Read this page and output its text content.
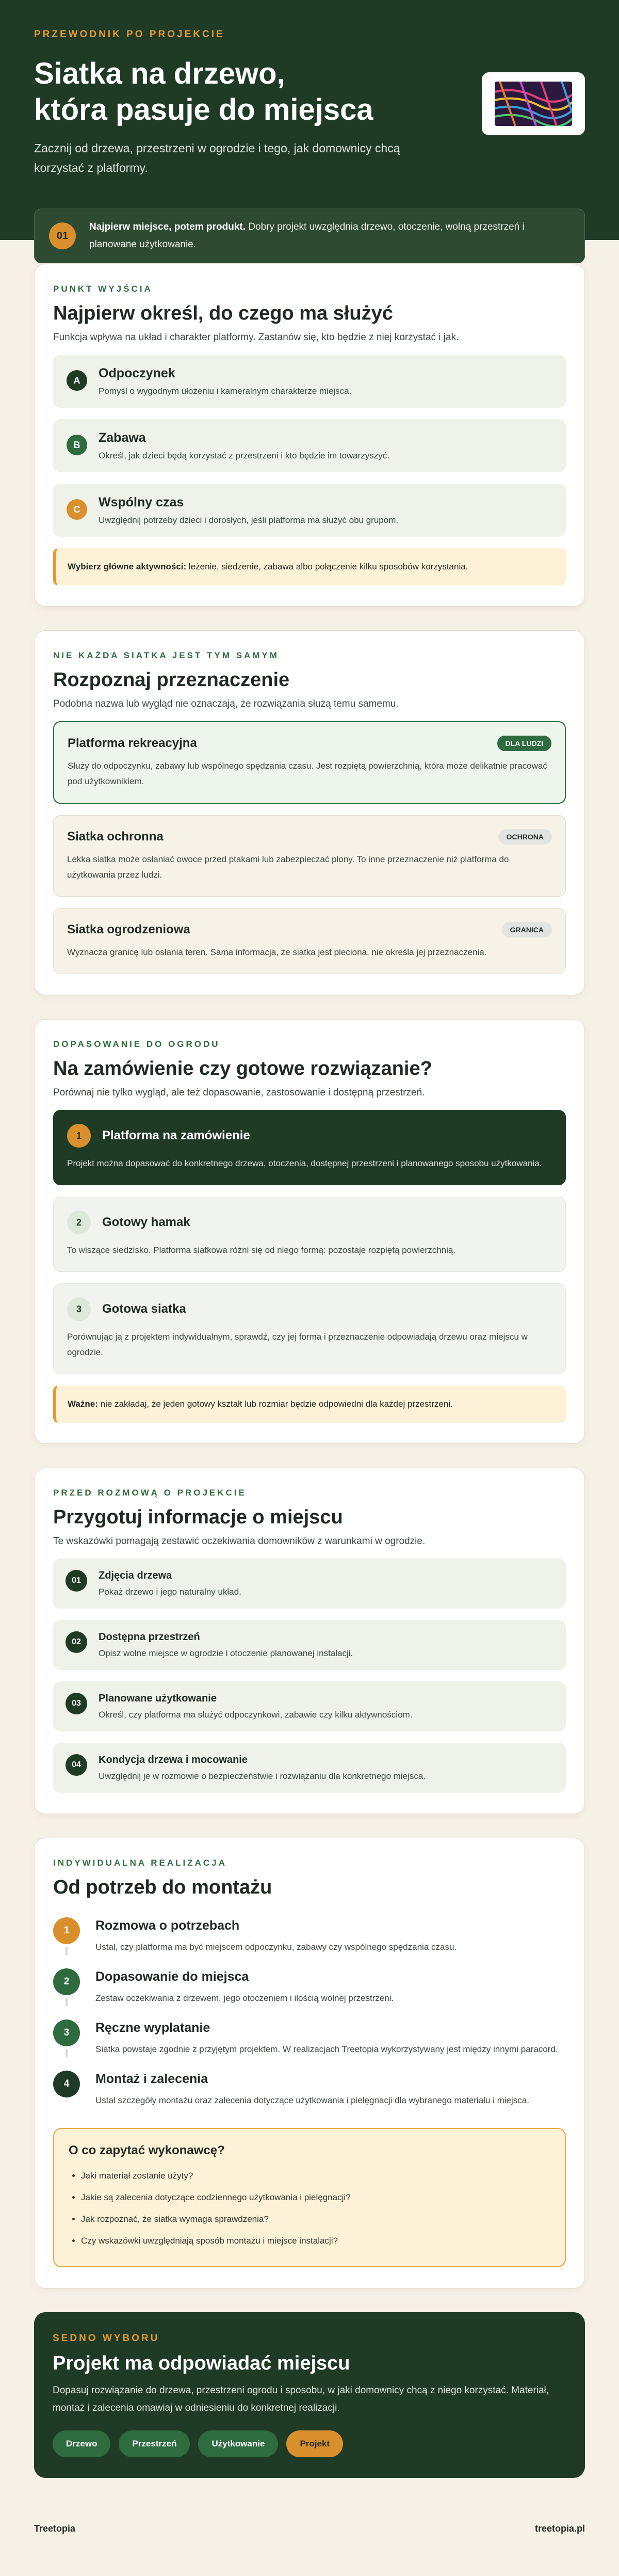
PRZEWODNIK PO PROJEKCIE
Siatka na drzewo,
która pasuje do miejsca

Zacznij od drzewa, przestrzeni w ogrodzie i tego, jak domownicy chcą korzystać z platformy.

01

Najpierw miejsce, potem produkt. Dobry projekt uwzględnia drzewo, otoczenie, wolną przestrzeń i planowane użytkowanie.

PUNKT WYJŚCIA
Najpierw określ, do czego ma służyć

Funkcja wpływa na układ i charakter platformy. Zastanów się, kto będzie z niej korzystać i jak.

A	Odpoczynek

Pomyśl o wygodnym ułożeniu i kameralnym charakterze miejsca.

B	Zabawa

Określ, jak dzieci będą korzystać z przestrzeni i kto będzie im towarzyszyć.

C	Wspólny czas

Uwzględnij potrzeby dzieci i dorosłych, jeśli platforma ma służyć obu grupom.

Wybierz główne aktywności: leżenie, siedzenie, zabawa albo połączenie kilku sposobów korzystania.
NIE KAŻDA SIATKA JEST TYM SAMYM
Rozpoznaj przeznaczenie

Podobna nazwa lub wygląd nie oznaczają, że rozwiązania służą temu samemu.

Platforma rekreacyjna	DLA LUDZI

Służy do odpoczynku, zabawy lub wspólnego spędzania czasu. Jest rozpiętą powierzchnią, która może delikatnie pracować pod użytkownikiem.

Siatka ochronna	OCHRONA

Lekka siatka może osłaniać owoce przed ptakami lub zabezpieczać plony. To inne przeznaczenie niż platforma do użytkowania przez ludzi.

Siatka ogrodzeniowa	GRANICA

Wyznacza granicę lub osłania teren. Sama informacja, że siatka jest pleciona, nie określa jej przeznaczenia.

DOPASOWANIE DO OGRODU
Na zamówienie czy gotowe rozwiązanie?

Porównaj nie tylko wygląd, ale też dopasowanie, zastosowanie i dostępną przestrzeń.

1	Platforma na zamówienie

Projekt można dopasować do konkretnego drzewa, otoczenia, dostępnej przestrzeni i planowanego sposobu użytkowania.

2	Gotowy hamak

To wiszące siedzisko. Platforma siatkowa różni się od niego formą: pozostaje rozpiętą powierzchnią.

3	Gotowa siatka

Porównując ją z projektem indywidualnym, sprawdź, czy jej forma i przeznaczenie odpowiadają drzewu oraz miejscu w ogrodzie.

Ważne: nie zakładaj, że jeden gotowy kształt lub rozmiar będzie odpowiedni dla każdej przestrzeni.
PRZED ROZMOWĄ O PROJEKCIE
Przygotuj informacje o miejscu

Te wskazówki pomagają zestawić oczekiwania domowników z warunkami w ogrodzie.

01	Zdjęcia drzewa

Pokaż drzewo i jego naturalny układ.

02	Dostępna przestrzeń

Opisz wolne miejsce w ogrodzie i otoczenie planowanej instalacji.

03	Planowane użytkowanie

Określ, czy platforma ma służyć odpoczynkowi, zabawie czy kilku aktywnościom.

04	Kondycja drzewa i mocowanie

Uwzględnij je w rozmowie o bezpieczeństwie i rozwiązaniu dla konkretnego miejsca.

INDYWIDUALNA REALIZACJA
Od potrzeb do montażu
1	Rozmowa o potrzebach

Ustal, czy platforma ma być miejscem odpoczynku, zabawy czy wspólnego spędzania czasu.

2	Dopasowanie do miejsca

Zestaw oczekiwania z drzewem, jego otoczeniem i ilością wolnej przestrzeni.

3	Ręczne wyplatanie

Siatka powstaje zgodnie z przyjętym projektem. W realizacjach Treetopia wykorzystywany jest między innymi paracord.

4	Montaż i zalecenia

Ustal szczegóły montażu oraz zalecenia dotyczące użytkowania i pielęgnacji dla wybranego materiału i miejsca.

O co zapytać wykonawcę?
• Jaki materiał zostanie użyty?
• Jakie są zalecenia dotyczące codziennego użytkowania i pielęgnacji?
• Jak rozpoznać, że siatka wymaga sprawdzenia?
• Czy wskazówki uwzględniają sposób montażu i miejsce instalacji?
SEDNO WYBORU
Projekt ma odpowiadać miejscu

Dopasuj rozwiązanie do drzewa, przestrzeni ogrodu i sposobu, w jaki domownicy chcą z niego korzystać. Materiał, montaż i zalecenia omawiaj w odniesieniu do konkretnej realizacji.

Drzewo	Przestrzeń	Użytkowanie	Projekt
Treetopia	treetopia.pl
